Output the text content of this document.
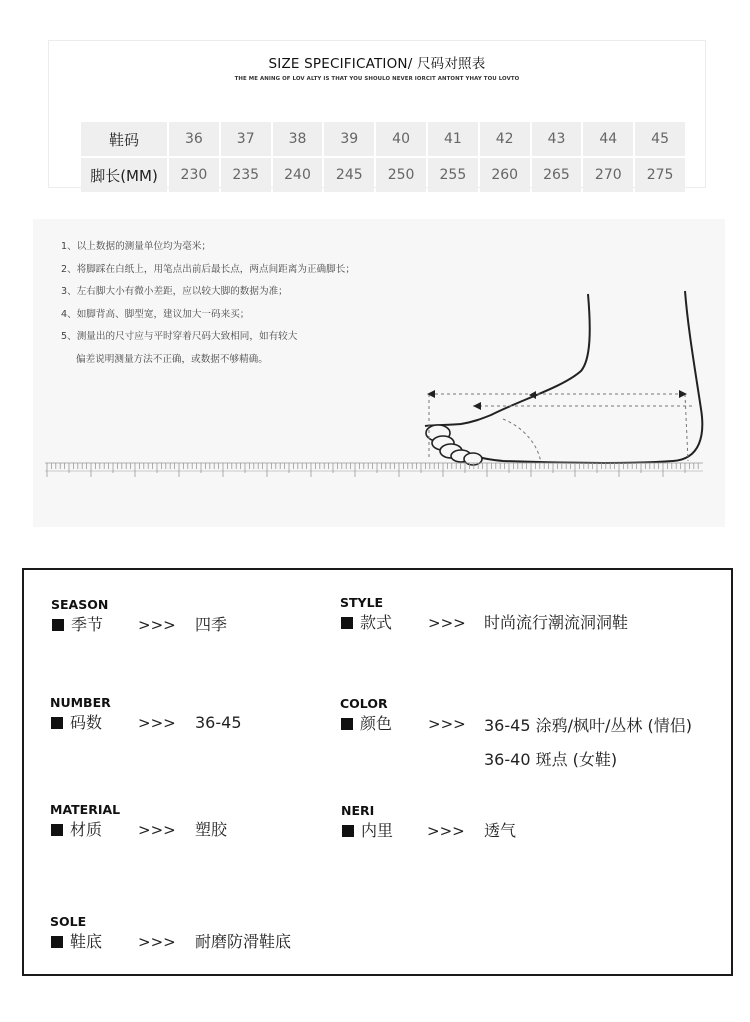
SIZE SPECIFICATION/ 尺码对照表
THE ME ANING OF LOV ALTY IS THAT YOU SHOULO NEVER IORCIT ANTONT YHAY TOU LOVTO
鞋码	36	37	38	39	40	41	42	43	44	45
脚长(MM)	230	235	240	245	250	255	260	265	270	275
1、以上数据的测量单位均为毫米；
2、将脚踩在白纸上，用笔点出前后最长点，两点间距离为正确脚长；
3、左右脚大小有微小差距，应以较大脚的数据为准；
4、如脚背高、脚型宽，建议加大一码来买；
5、测量出的尺寸应与平时穿着尺码大致相同，如有较大
偏差说明测量方法不正确，或数据不够精确。
SEASON
季节 >>> 四季
STYLE
款式 >>> 时尚流行潮流洞洞鞋
NUMBER
码数 >>> 36-45
COLOR
颜色 >>> 36-45 涂鸦/枫叶/丛林 (情侣)
36-40 斑点 (女鞋)
MATERIAL
材质 >>> 塑胶
NERI
内里 >>> 透气
SOLE
鞋底 >>> 耐磨防滑鞋底
